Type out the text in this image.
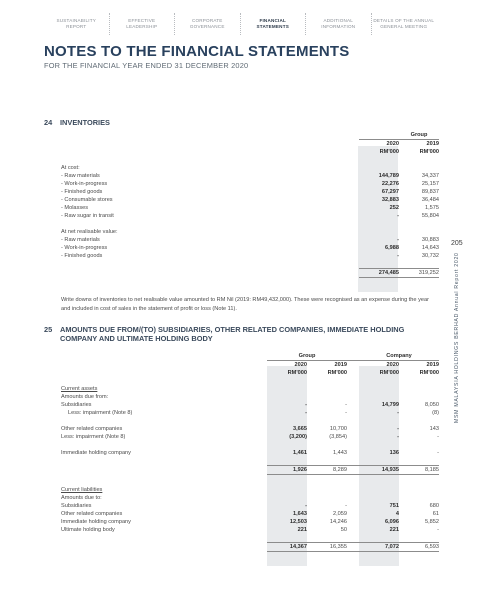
SUSTAINABILITY
REPORT
EFFECTIVE
LEADERSHIP
CORPORATE
GOVERNANCE
FINANCIAL
STATEMENTS
ADDITIONAL
INFORMATION
DETAILS OF THE ANNUAL
GENERAL MEETING
NOTES TO THE FINANCIAL STATEMENTS
FOR THE FINANCIAL YEAR ENDED 31 DECEMBER 2020
205
MSM MALAYSIA HOLDINGS BERHAD Annual Report 2020
24 INVENTORIES
	Group	
	2020	2019
	RM'000	RM'000

At cost:		
- Raw materials	144,789	34,337
- Work-in-progress	22,276	25,157
- Finished goods	67,297	89,837
- Consumable stores	32,883	36,484
- Molasses	252	1,575
- Raw sugar in transit	-	55,804

At net realisable value:		
- Raw materials	-	30,883
- Work-in-progress	6,988	14,643
- Finished goods	-	30,732

	274,485	319,252
Write downs of inventories to net realisable value amounted to RM Nil (2019: RM49,432,000). These were recognised as an expense during the year and included in cost of sales in the statement of profit or loss (Note 11).
25 AMOUNTS DUE FROM/(TO) SUBSIDIARIES, OTHER RELATED COMPANIES, IMMEDIATE HOLDING COMPANY AND ULTIMATE HOLDING BODY
	Group		Company	
	2020	2019	2020	2019
	RM'000	RM'000	RM'000	RM'000

Current assets				
Amounts due from:				
Subsidiaries	-	-	14,799	8,050
Less: impairment (Note 8)	-	-	-	(8)

Other related companies	3,665	10,700	-	143
Less: impairment (Note 8)	(3,200)	(3,854)	-	-

Immediate holding company	1,461	1,443	136	-

	1,926	8,289	14,935	8,185

Current liabilities				
Amounts due to:				
Subsidiaries	-	-	751	680
Other related companies	1,643	2,059	4	61
Immediate holding company	12,503	14,246	6,096	5,852
Ultimate holding body	221	50	221	-

	14,367	16,355	7,072	6,593
